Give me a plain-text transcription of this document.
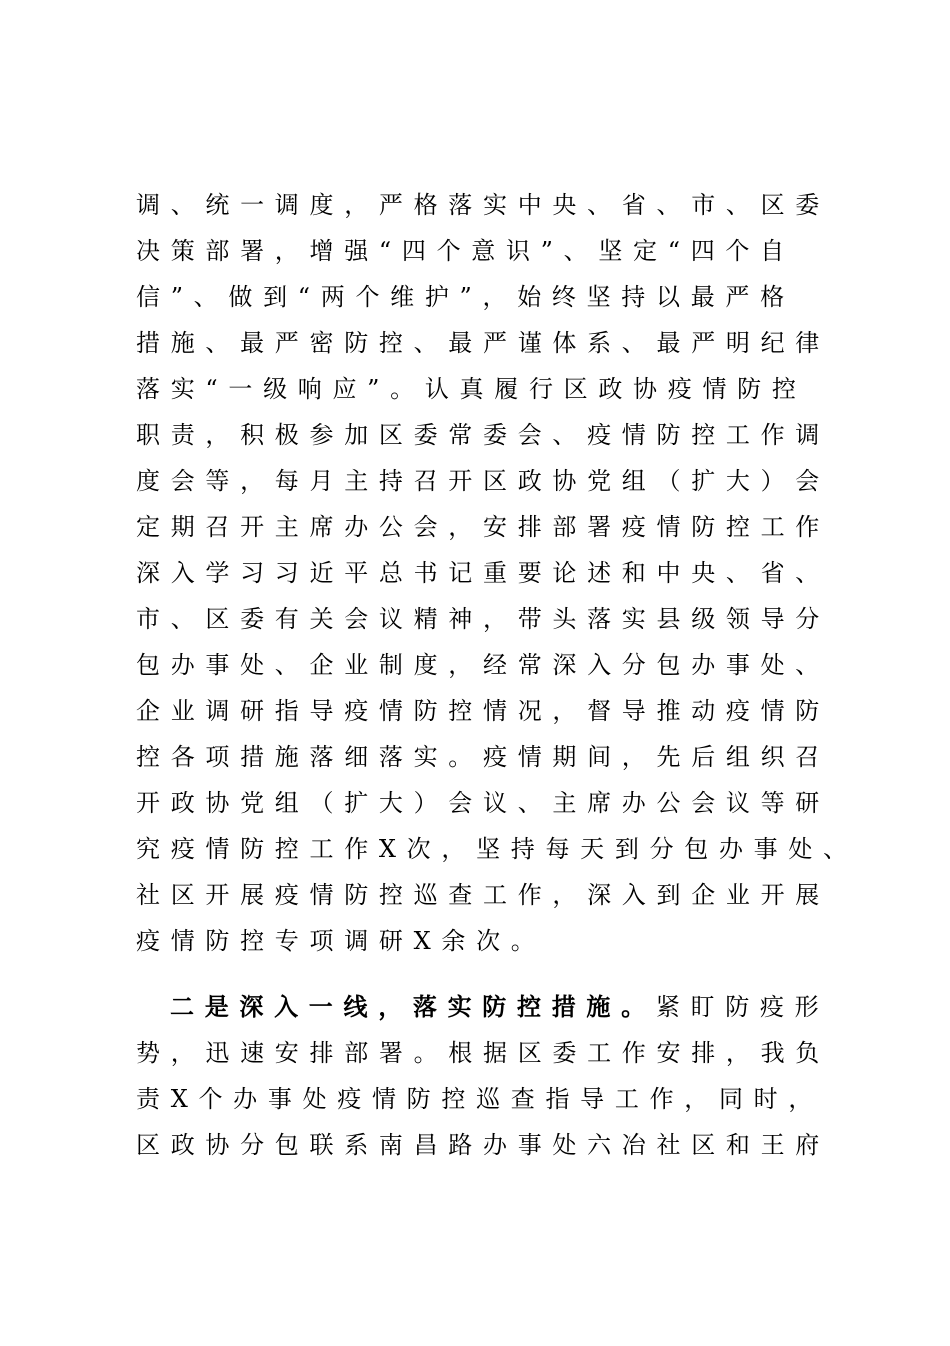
调、统一调度，严格落实中央、省、市、区委
决策部署，增强“四个意识”、坚定“四个自
信”、做到“两个维护”，始终坚持以最严格
措施、最严密防控、最严谨体系、最严明纪律
落实“一级响应”。认真履行区政协疫情防控
职责，积极参加区委常委会、疫情防控工作调
度会等，每月主持召开区政协党组（扩大）会
定期召开主席办公会，安排部署疫情防控工作
深入学习习近平总书记重要论述和中央、省、
市、区委有关会议精神，带头落实县级领导分
包办事处、企业制度，经常深入分包办事处、
企业调研指导疫情防控情况，督导推动疫情防
控各项措施落细落实。疫情期间，先后组织召
开政协党组（扩大）会议、主席办公会议等研
究疫情防控工作X次，坚持每天到分包办事处、
社区开展疫情防控巡查工作，深入到企业开展
疫情防控专项调研X余次。
二是深入一线，落实防控措施。紧盯防疫形
势，迅速安排部署。根据区委工作安排，我负
责X个办事处疫情防控巡查指导工作，同时，
区政协分包联系南昌路办事处六冶社区和王府
